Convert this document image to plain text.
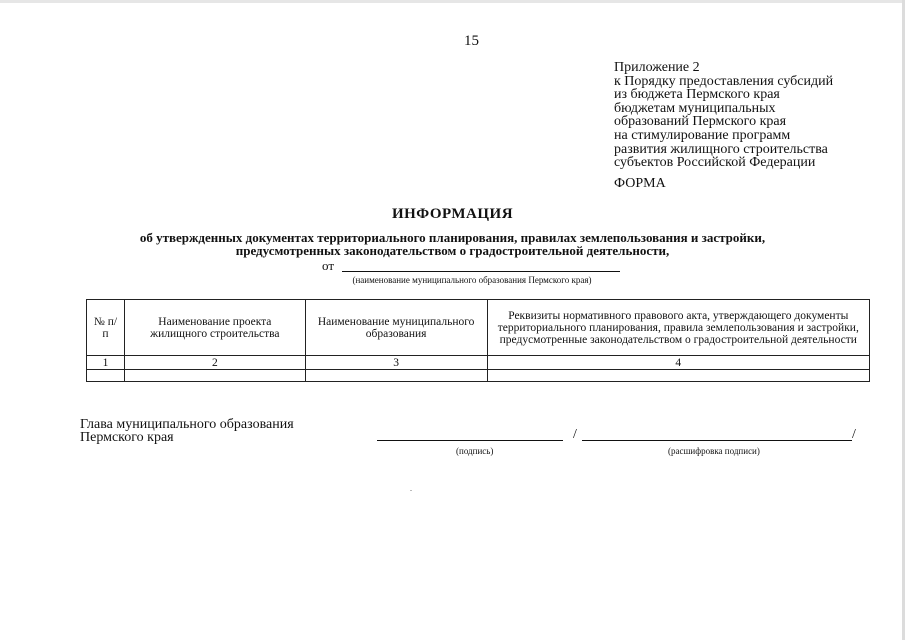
15
Приложение 2
к Порядку предоставления субсидий
из бюджета Пермского края
бюджетам муниципальных
образований Пермского края
на стимулирование программ
развития жилищного строительства
субъектов Российской Федерации
ФОРМА
ИНФОРМАЦИЯ
об утвержденных документах территориального планирования, правилах землепользования и застройки,
предусмотренных законодательством о градостроительной деятельности,
от
(наименование муниципального образования Пермского края)
№ п/п	Наименование проекта жилищного строительства	Наименование муниципального образования	Реквизиты нормативного правового акта, утверждающего документы территориального планирования, правила землепользования и застройки, предусмотренные законодательством о градостроительной деятельности
1	2	3	4

Глава муниципального образования
Пермского края	/	/
(подпись)	(расшифровка подписи)
